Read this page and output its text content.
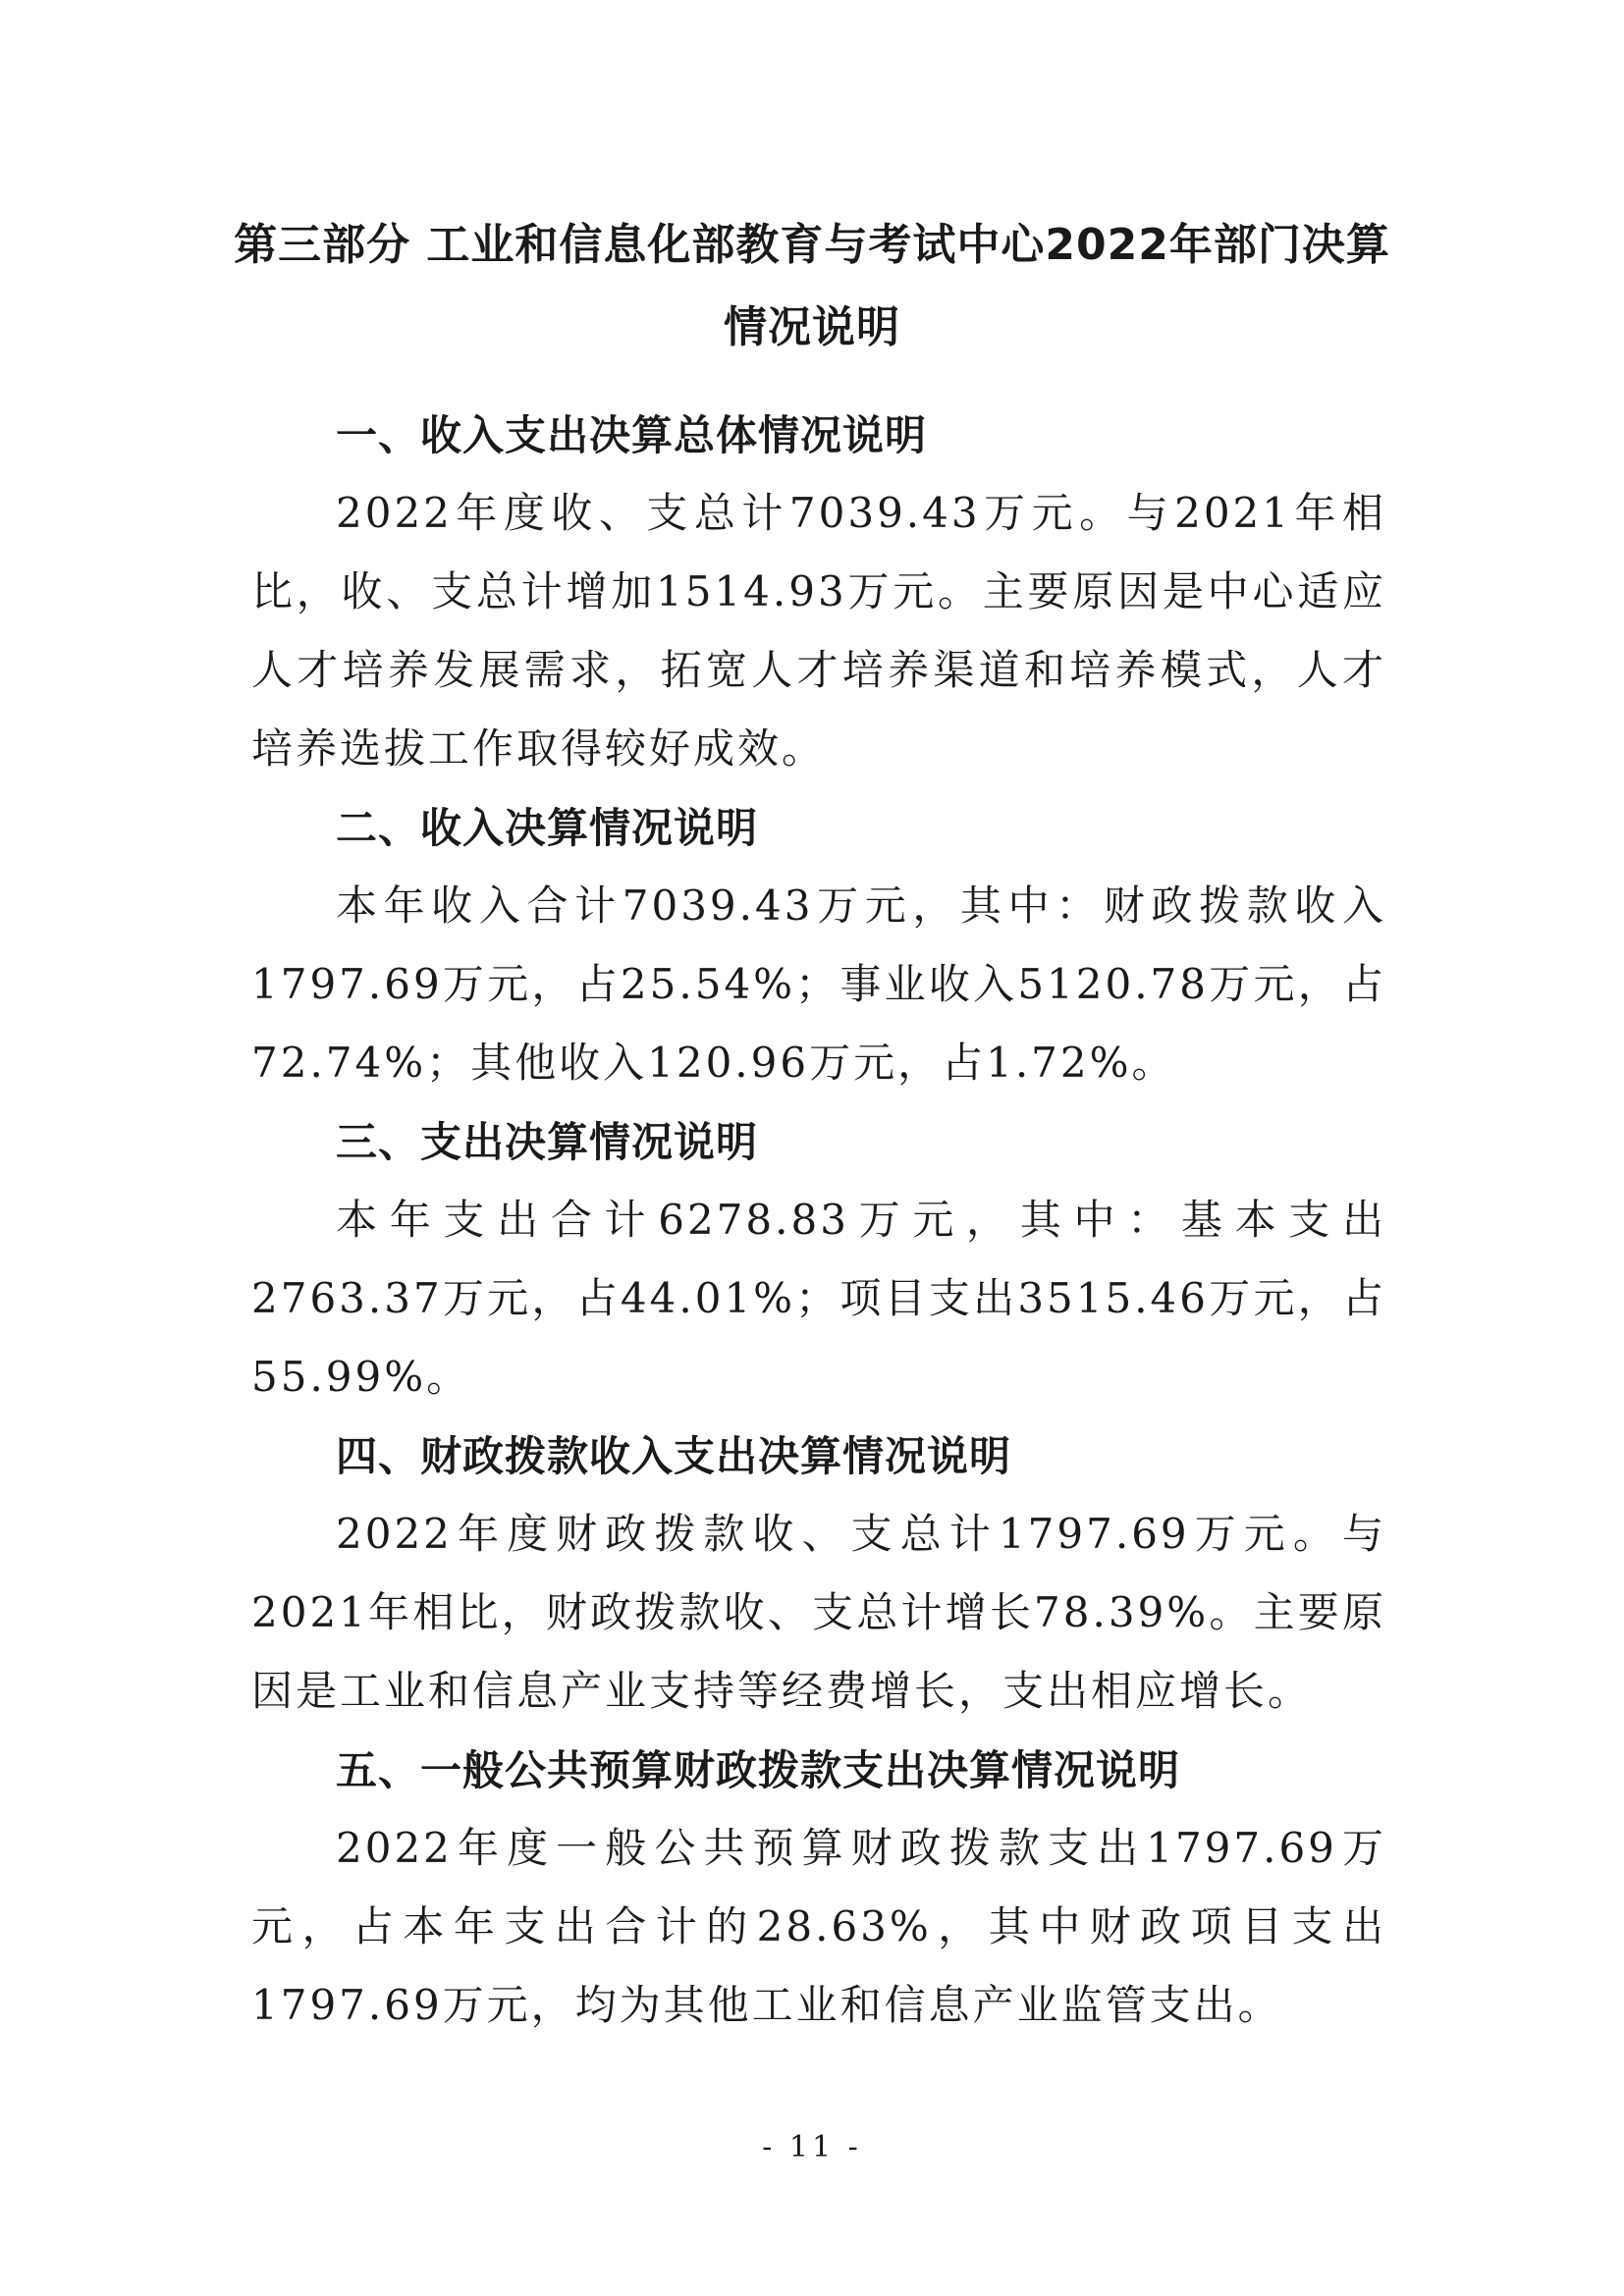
第三部分 工业和信息化部教育与考试中心2022年部门决算
情况说明
一、收入支出决算总体情况说明

2022年度收、支总计7039.43万元。与2021年相比，收、支总计增加1514.93万元。主要原因是中心适应人才培养发展需求，拓宽人才培养渠道和培养模式，人才培养选拔工作取得较好成效。

二、收入决算情况说明

本年收入合计7039.43万元，其中：财政拨款收入1797.69万元，占25.54%；事业收入5120.78万元，占72.74%；其他收入120.96万元，占1.72%。

三、支出决算情况说明

本年支出合计6278.83万元，其中：基本支出2763.37万元，占44.01%；项目支出3515.46万元，占55.99%。

四、财政拨款收入支出决算情况说明

2022年度财政拨款收、支总计1797.69万元。与2021年相比，财政拨款收、支总计增长78.39%。主要原因是工业和信息产业支持等经费增长，支出相应增长。

五、一般公共预算财政拨款支出决算情况说明

2022年度一般公共预算财政拨款支出1797.69万元，占本年支出合计的28.63%，其中财政项目支出1797.69万元，均为其他工业和信息产业监管支出。

- 11 -
